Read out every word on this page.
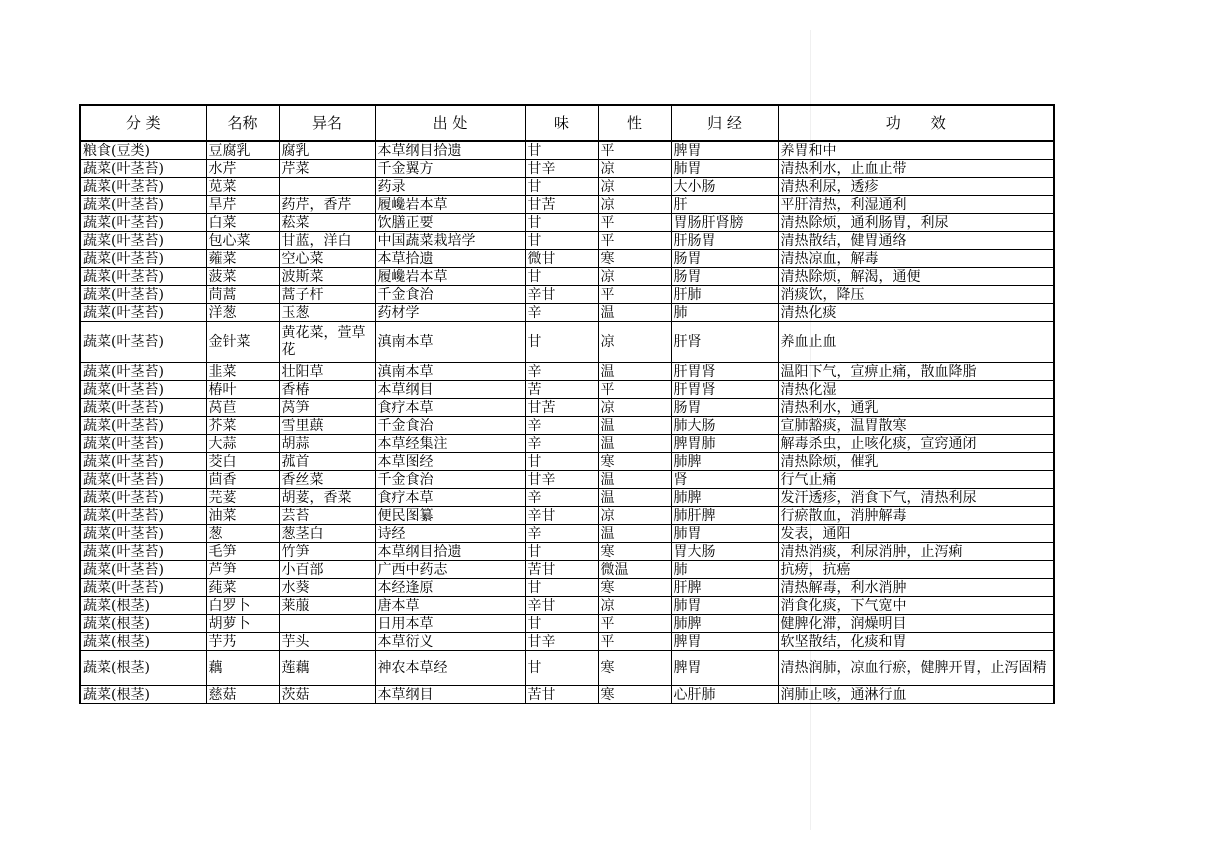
分 类	名称	异名	出 处	味	性	归 经	功　　效
粮食(豆类)	豆腐乳	腐乳	本草纲目拾遗	甘	平	脾胃	养胃和中
蔬菜(叶茎苔)	水芹	芹菜	千金翼方	甘辛	凉	肺胃	清热利水，止血止带
蔬菜(叶茎苔)	苋菜		药录	甘	凉	大小肠	清热利尿，透疹
蔬菜(叶茎苔)	旱芹	药芹，香芹	履巉岩本草	甘苦	凉	肝	平肝清热，利湿通利
蔬菜(叶茎苔)	白菜	菘菜	饮膳正要	甘	平	胃肠肝肾膀	清热除烦，通利肠胃，利尿
蔬菜(叶茎苔)	包心菜	甘蓝，洋白	中国蔬菜栽培学	甘	平	肝肠胃	清热散结，健胃通络
蔬菜(叶茎苔)	蕹菜	空心菜	本草拾遗	微甘	寒	肠胃	清热凉血，解毒
蔬菜(叶茎苔)	菠菜	波斯菜	履巉岩本草	甘	凉	肠胃	清热除烦，解渴，通便
蔬菜(叶茎苔)	茼蒿	蒿子杆	千金食治	辛甘	平	肝肺	消痰饮，降压
蔬菜(叶茎苔)	洋葱	玉葱	药材学	辛	温	肺	清热化痰
蔬菜(叶茎苔)	金针菜	黄花菜，萱草花	滇南本草	甘	凉	肝肾	养血止血
蔬菜(叶茎苔)	韭菜	壮阳草	滇南本草	辛	温	肝胃肾	温阳下气，宣痹止痛，散血降脂
蔬菜(叶茎苔)	椿叶	香椿	本草纲目	苦	平	肝胃肾	清热化湿
蔬菜(叶茎苔)	莴苣	莴笋	食疗本草	甘苦	凉	肠胃	清热利水，通乳
蔬菜(叶茎苔)	芥菜	雪里蕻	千金食治	辛	温	肺大肠	宣肺豁痰，温胃散寒
蔬菜(叶茎苔)	大蒜	胡蒜	本草经集注	辛	温	脾胃肺	解毒杀虫，止咳化痰，宣窍通闭
蔬菜(叶茎苔)	茭白	菰首	本草图经	甘	寒	肺脾	清热除烦，催乳
蔬菜(叶茎苔)	茴香	香丝菜	千金食治	甘辛	温	肾	行气止痛
蔬菜(叶茎苔)	芫荽	胡荽，香菜	食疗本草	辛	温	肺脾	发汗透疹，消食下气，清热利尿
蔬菜(叶茎苔)	油菜	芸苔	便民图纂	辛甘	凉	肺肝脾	行瘀散血，消肿解毒
蔬菜(叶茎苔)	葱	葱茎白	诗经	辛	温	肺胃	发表，通阳
蔬菜(叶茎苔)	毛笋	竹笋	本草纲目拾遗	甘	寒	胃大肠	清热消痰，利尿消肿，止泻痢
蔬菜(叶茎苔)	芦笋	小百部	广西中药志	苦甘	微温	肺	抗痨，抗癌
蔬菜(叶茎苔)	莼菜	水葵	本经逢原	甘	寒	肝脾	清热解毒，利水消肿
蔬菜(根茎)	白罗卜	莱菔	唐本草	辛甘	凉	肺胃	消食化痰，下气宽中
蔬菜(根茎)	胡萝卜		日用本草	甘	平	肺脾	健脾化滞，润燥明目
蔬菜(根茎)	芋艿	芋头	本草衍义	甘辛	平	脾胃	软坚散结，化痰和胃
蔬菜(根茎)	藕	莲藕	神农本草经	甘	寒	脾胃	清热润肺，凉血行瘀，健脾开胃，止泻固精
蔬菜(根茎)	慈菇	茨菇	本草纲目	苦甘	寒	心肝肺	润肺止咳，通淋行血
